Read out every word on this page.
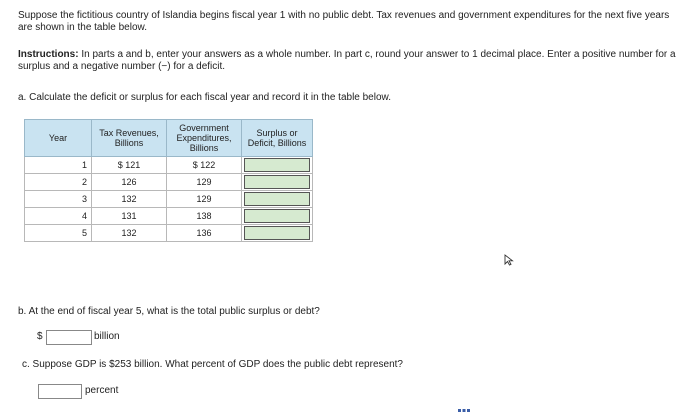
Suppose the fictitious country of Islandia begins fiscal year 1 with no public debt. Tax revenues and government expenditures for the next five years are shown in the table below.
Instructions: In parts a and b, enter your answers as a whole number. In part c, round your answer to 1 decimal place. Enter a positive number for a surplus and a negative number (−) for a deficit.
a. Calculate the deficit or surplus for each fiscal year and record it in the table below.
Year	Tax Revenues, Billions	Government Expenditures, Billions	Surplus or Deficit, Billions
1	$ 121	$ 122	

2	126	129	

3	132	129	

4	131	138	

5	132	136	
b. At the end of fiscal year 5, what is the total public surplus or debt?
$	billion
c. Suppose GDP is $253 billion. What percent of GDP does the public debt represent?
percent
